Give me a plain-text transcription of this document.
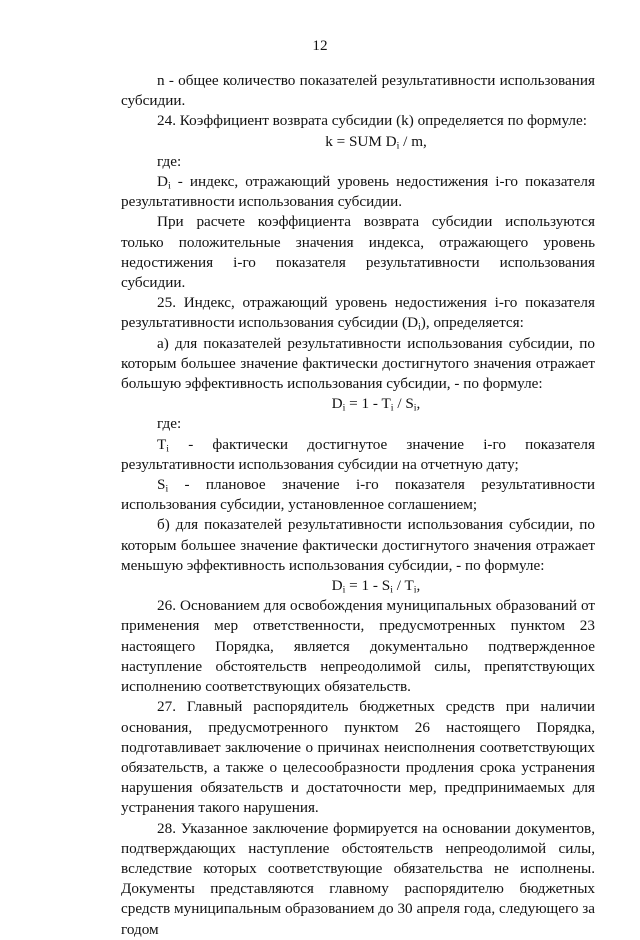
12

n - общее количество показателей результативности использования субсидии.

24. Коэффициент возврата субсидии (k) определяется по формуле:

k = SUM $D_i$ / m,

где:

$D_i$ - индекс, отражающий уровень недостижения i-го показателя результативности использования субсидии.

При расчете коэффициента возврата субсидии используются только положительные значения индекса, отражающего уровень недостижения i-го показателя результативности использования субсидии.

25. Индекс, отражающий уровень недостижения i-го показателя результативности использования субсидии $(D_i)$, определяется:

а) для показателей результативности использования субсидии, по которым большее значение фактически достигнутого значения отражает большую эффективность использования субсидии, - по формуле:

$D_i = 1 - T_i / S_i$,

где:

$T_i$ - фактически достигнутое значение i-го показателя результативности использования субсидии на отчетную дату;

$S_i$ - плановое значение i-го показателя результативности использования субсидии, установленное соглашением;

б) для показателей результативности использования субсидии, по которым большее значение фактически достигнутого значения отражает меньшую эффективность использования субсидии, - по формуле:

$D_i = 1 - S_i / T_i$,

26. Основанием для освобождения муниципальных образований от применения мер ответственности, предусмотренных пунктом 23 настоящего Порядка, является документально подтвержденное наступление обстоятельств непреодолимой силы, препятствующих исполнению соответствующих обязательств.

27. Главный распорядитель бюджетных средств при наличии основания, предусмотренного пунктом 26 настоящего Порядка, подготавливает заключение о причинах неисполнения соответствующих обязательств, а также о целесообразности продления срока устранения нарушения обязательств и достаточности мер, предпринимаемых для устранения такого нарушения.

28. Указанное заключение формируется на основании документов, подтверждающих наступление обстоятельств непреодолимой силы, вследствие которых соответствующие обязательства не исполнены. Документы представляются главному распорядителю бюджетных средств муниципальным образованием до 30 апреля года, следующего за годом
